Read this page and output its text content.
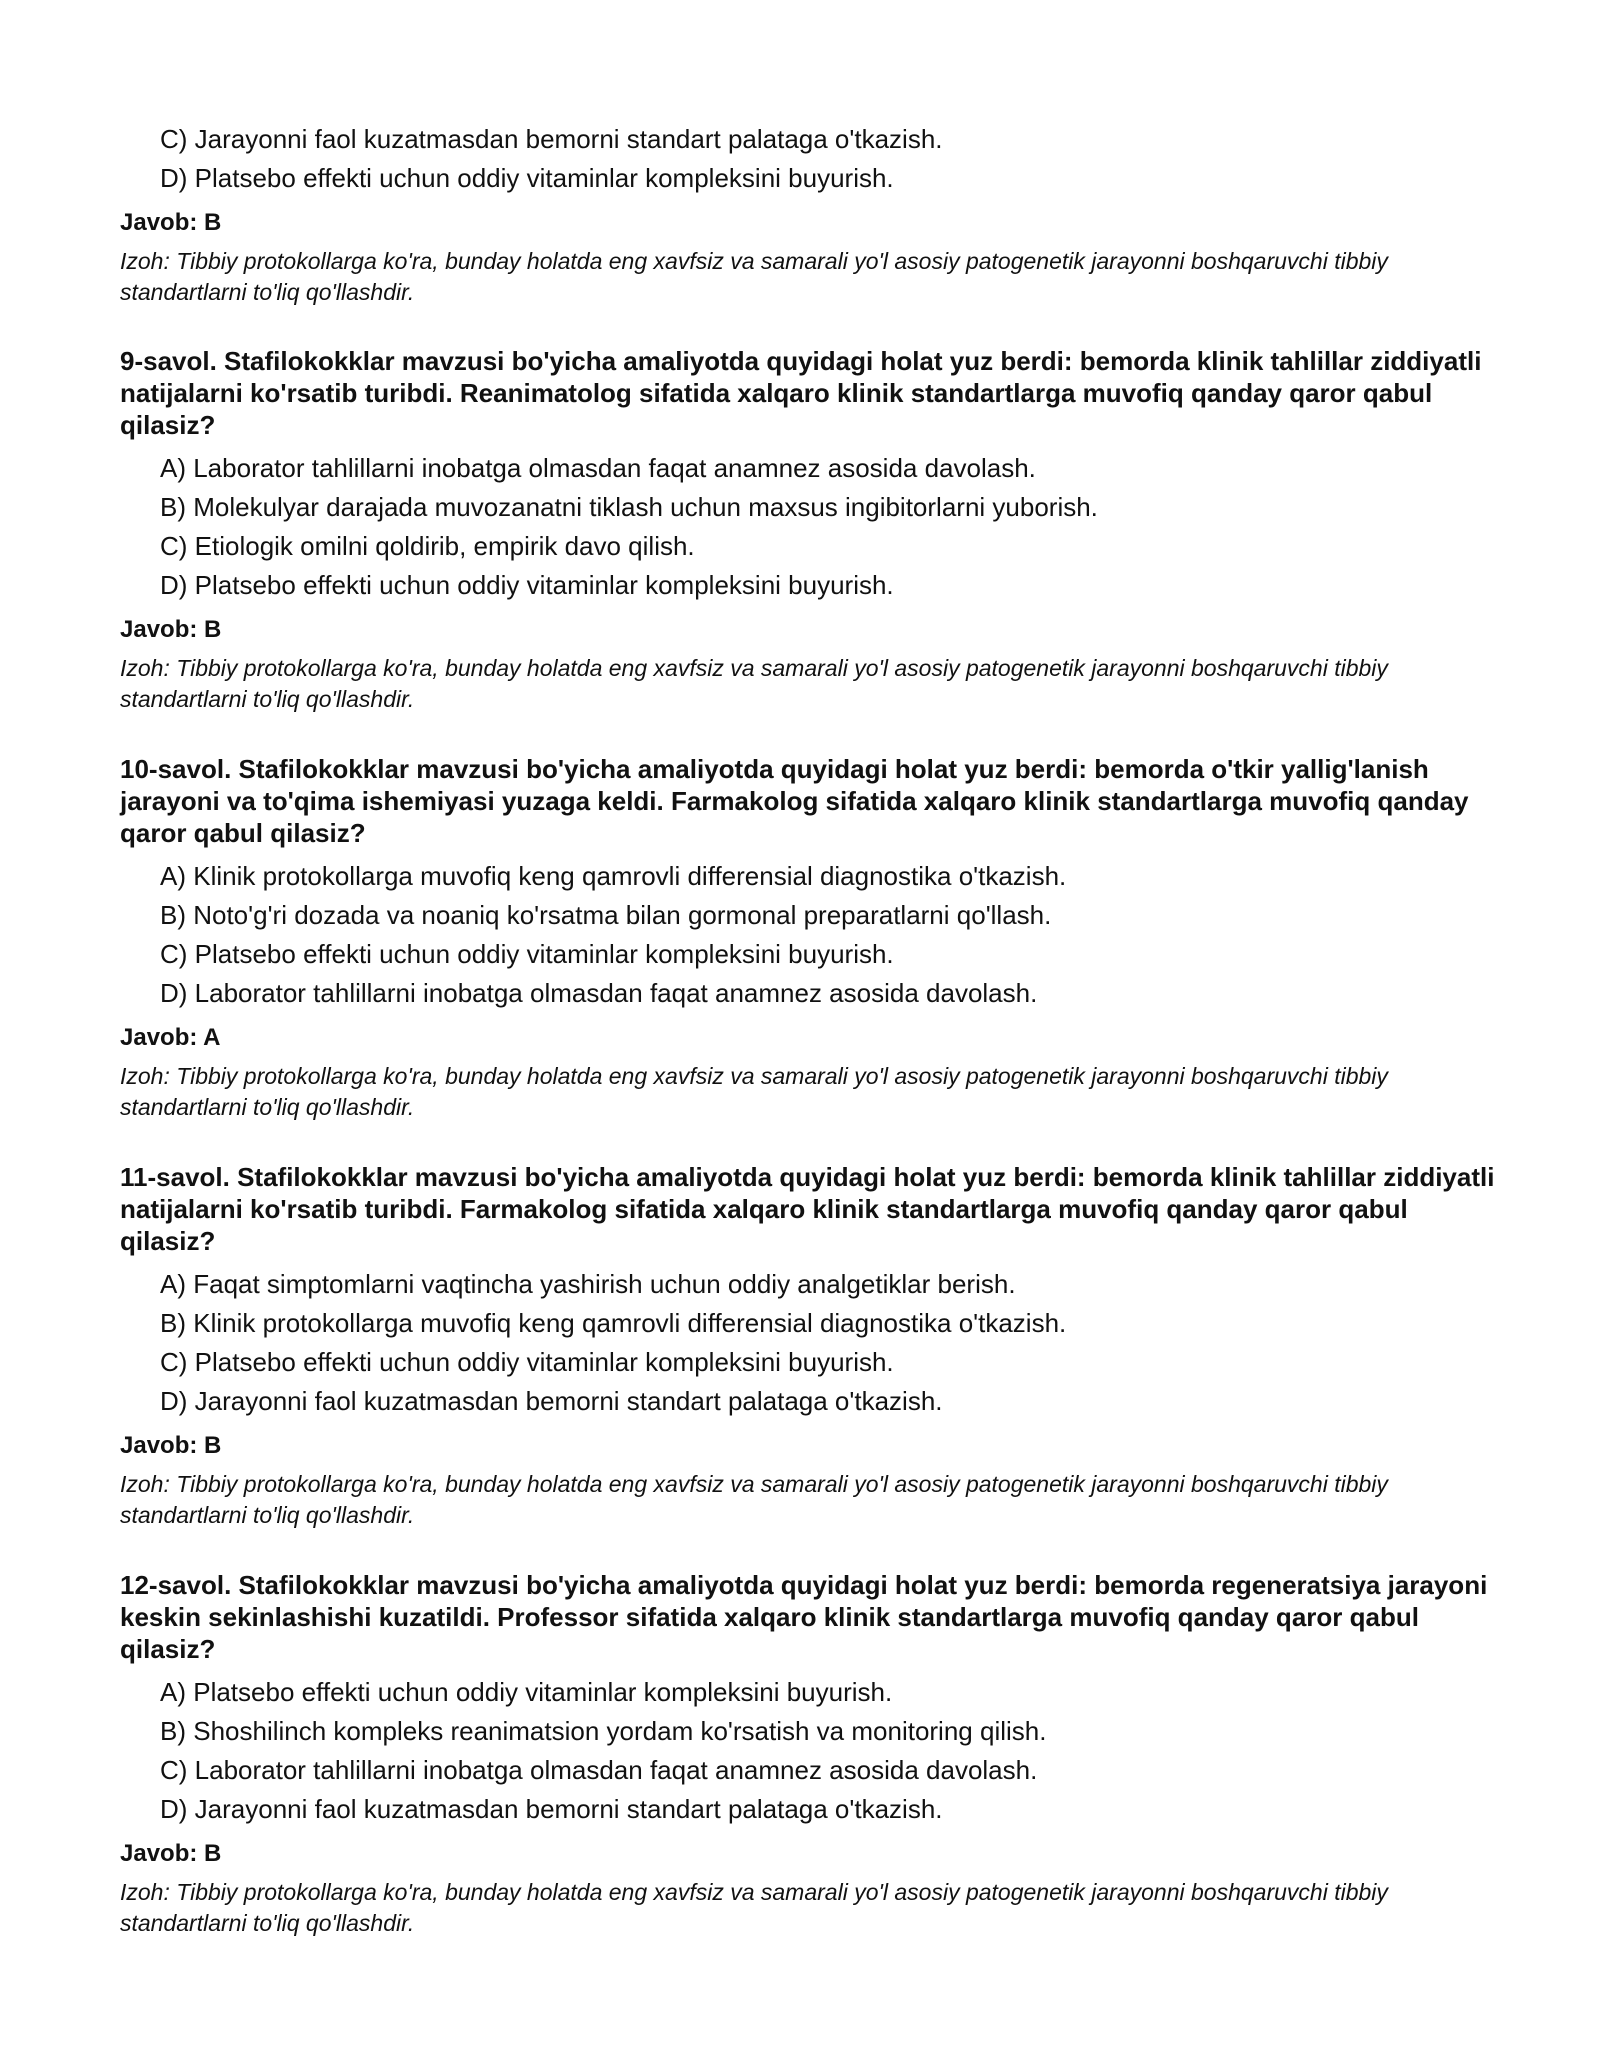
C) Jarayonni faol kuzatmasdan bemorni standart palataga o'tkazish.
D) Platsebo effekti uchun oddiy vitaminlar kompleksini buyurish.
Javob: B
Izoh: Tibbiy protokollarga ko'ra, bunday holatda eng xavfsiz va samarali yo'l asosiy patogenetik jarayonni boshqaruvchi tibbiy standartlarni to'liq qo'llashdir.
9-savol. Stafilokokklar mavzusi bo'yicha amaliyotda quyidagi holat yuz berdi: bemorda klinik tahlillar ziddiyatli natijalarni ko'rsatib turibdi. Reanimatolog sifatida xalqaro klinik standartlarga muvofiq qanday qaror qabul qilasiz?
A) Laborator tahlillarni inobatga olmasdan faqat anamnez asosida davolash.
B) Molekulyar darajada muvozanatni tiklash uchun maxsus ingibitorlarni yuborish.
C) Etiologik omilni qoldirib, empirik davo qilish.
D) Platsebo effekti uchun oddiy vitaminlar kompleksini buyurish.
Javob: B
Izoh: Tibbiy protokollarga ko'ra, bunday holatda eng xavfsiz va samarali yo'l asosiy patogenetik jarayonni boshqaruvchi tibbiy standartlarni to'liq qo'llashdir.
10-savol. Stafilokokklar mavzusi bo'yicha amaliyotda quyidagi holat yuz berdi: bemorda o'tkir yallig'lanish jarayoni va to'qima ishemiyasi yuzaga keldi. Farmakolog sifatida xalqaro klinik standartlarga muvofiq qanday qaror qabul qilasiz?
A) Klinik protokollarga muvofiq keng qamrovli differensial diagnostika o'tkazish.
B) Noto'g'ri dozada va noaniq ko'rsatma bilan gormonal preparatlarni qo'llash.
C) Platsebo effekti uchun oddiy vitaminlar kompleksini buyurish.
D) Laborator tahlillarni inobatga olmasdan faqat anamnez asosida davolash.
Javob: A
Izoh: Tibbiy protokollarga ko'ra, bunday holatda eng xavfsiz va samarali yo'l asosiy patogenetik jarayonni boshqaruvchi tibbiy standartlarni to'liq qo'llashdir.
11-savol. Stafilokokklar mavzusi bo'yicha amaliyotda quyidagi holat yuz berdi: bemorda klinik tahlillar ziddiyatli natijalarni ko'rsatib turibdi. Farmakolog sifatida xalqaro klinik standartlarga muvofiq qanday qaror qabul qilasiz?
A) Faqat simptomlarni vaqtincha yashirish uchun oddiy analgetiklar berish.
B) Klinik protokollarga muvofiq keng qamrovli differensial diagnostika o'tkazish.
C) Platsebo effekti uchun oddiy vitaminlar kompleksini buyurish.
D) Jarayonni faol kuzatmasdan bemorni standart palataga o'tkazish.
Javob: B
Izoh: Tibbiy protokollarga ko'ra, bunday holatda eng xavfsiz va samarali yo'l asosiy patogenetik jarayonni boshqaruvchi tibbiy standartlarni to'liq qo'llashdir.
12-savol. Stafilokokklar mavzusi bo'yicha amaliyotda quyidagi holat yuz berdi: bemorda regeneratsiya jarayoni keskin sekinlashishi kuzatildi. Professor sifatida xalqaro klinik standartlarga muvofiq qanday qaror qabul qilasiz?
A) Platsebo effekti uchun oddiy vitaminlar kompleksini buyurish.
B) Shoshilinch kompleks reanimatsion yordam ko'rsatish va monitoring qilish.
C) Laborator tahlillarni inobatga olmasdan faqat anamnez asosida davolash.
D) Jarayonni faol kuzatmasdan bemorni standart palataga o'tkazish.
Javob: B
Izoh: Tibbiy protokollarga ko'ra, bunday holatda eng xavfsiz va samarali yo'l asosiy patogenetik jarayonni boshqaruvchi tibbiy standartlarni to'liq qo'llashdir.
